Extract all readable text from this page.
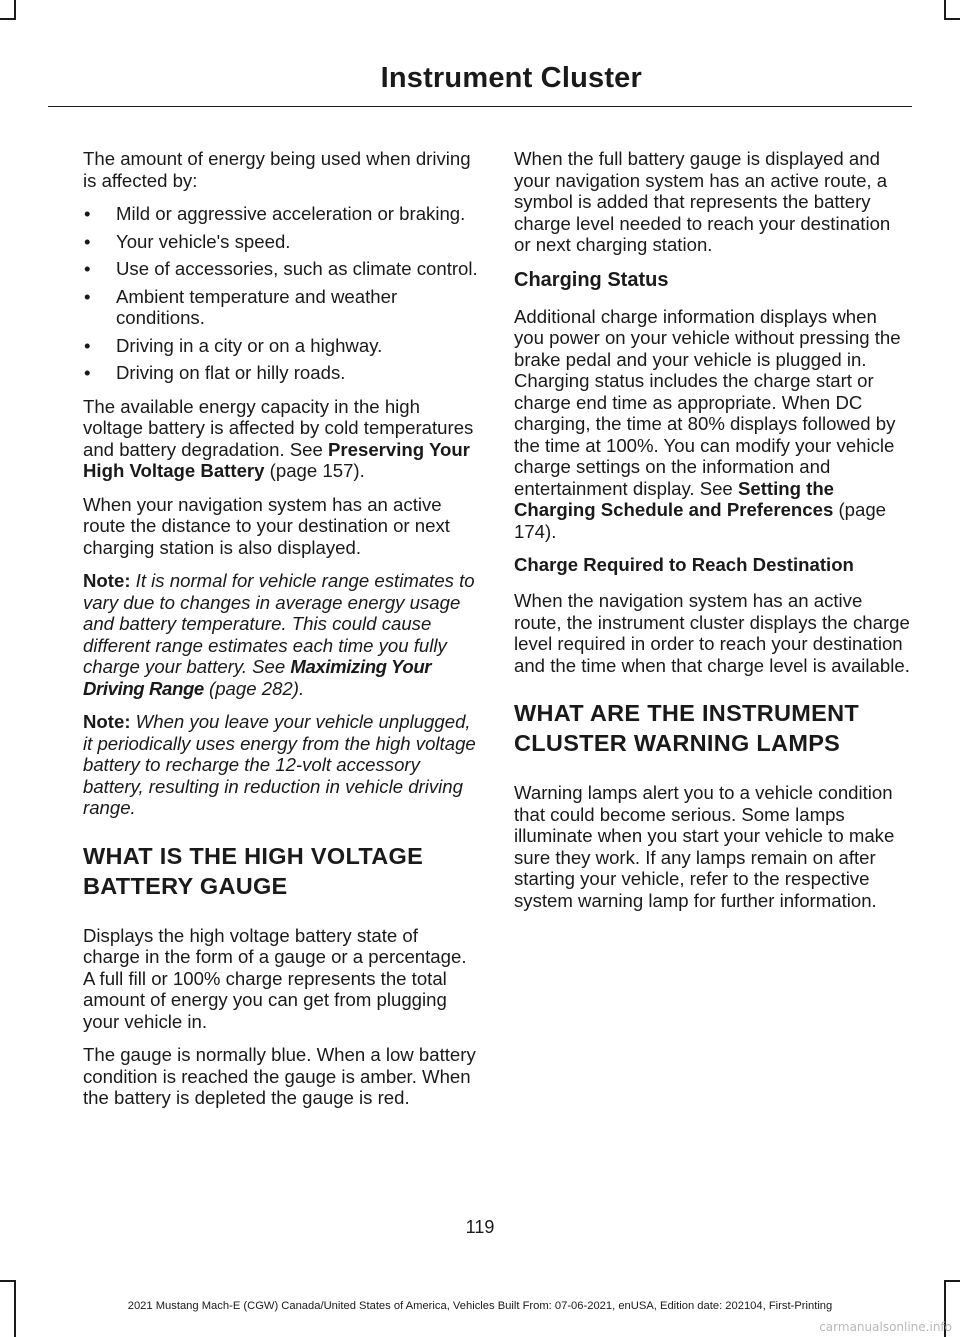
Instrument Cluster

The amount of energy being used when driving is affected by:

• Mild or aggressive acceleration or braking.
• Your vehicle's speed.
• Use of accessories, such as climate control.
• Ambient temperature and weather conditions.
• Driving in a city or on a highway.
• Driving on flat or hilly roads.

The available energy capacity in the high voltage battery is affected by cold temperatures and battery degradation. See Preserving Your High Voltage Battery (page 157).

When your navigation system has an active route the distance to your destination or next charging station is also displayed.

Note: It is normal for vehicle range estimates to vary due to changes in average energy usage and battery temperature. This could cause different range estimates each time you fully charge your battery. See Maximizing Your Driving Range (page 282).

Note: When you leave your vehicle unplugged, it periodically uses energy from the high voltage battery to recharge the 12-volt accessory battery, resulting in reduction in vehicle driving range.

WHAT IS THE HIGH VOLTAGE
BATTERY GAUGE

Displays the high voltage battery state of charge in the form of a gauge or a percentage. A full fill or 100% charge represents the total amount of energy you can get from plugging your vehicle in.

The gauge is normally blue. When a low battery condition is reached the gauge is amber. When the battery is depleted the gauge is red.

When the full battery gauge is displayed and your navigation system has an active route, a symbol is added that represents the battery charge level needed to reach your destination or next charging station.

Charging Status

Additional charge information displays when you power on your vehicle without pressing the brake pedal and your vehicle is plugged in. Charging status includes the charge start or charge end time as appropriate. When DC charging, the time at 80% displays followed by the time at 100%. You can modify your vehicle charge settings on the information and entertainment display. See Setting the Charging Schedule and Preferences (page 174).

Charge Required to Reach Destination

When the navigation system has an active route, the instrument cluster displays the charge level required in order to reach your destination and the time when that charge level is available.

WHAT ARE THE INSTRUMENT
CLUSTER WARNING LAMPS

Warning lamps alert you to a vehicle condition that could become serious. Some lamps illuminate when you start your vehicle to make sure they work. If any lamps remain on after starting your vehicle, refer to the respective system warning lamp for further information.

119
2021 Mustang Mach-E (CGW) Canada/United States of America, Vehicles Built From: 07-06-2021, enUSA, Edition date: 202104, First-Printing
carmanualsonline.info
